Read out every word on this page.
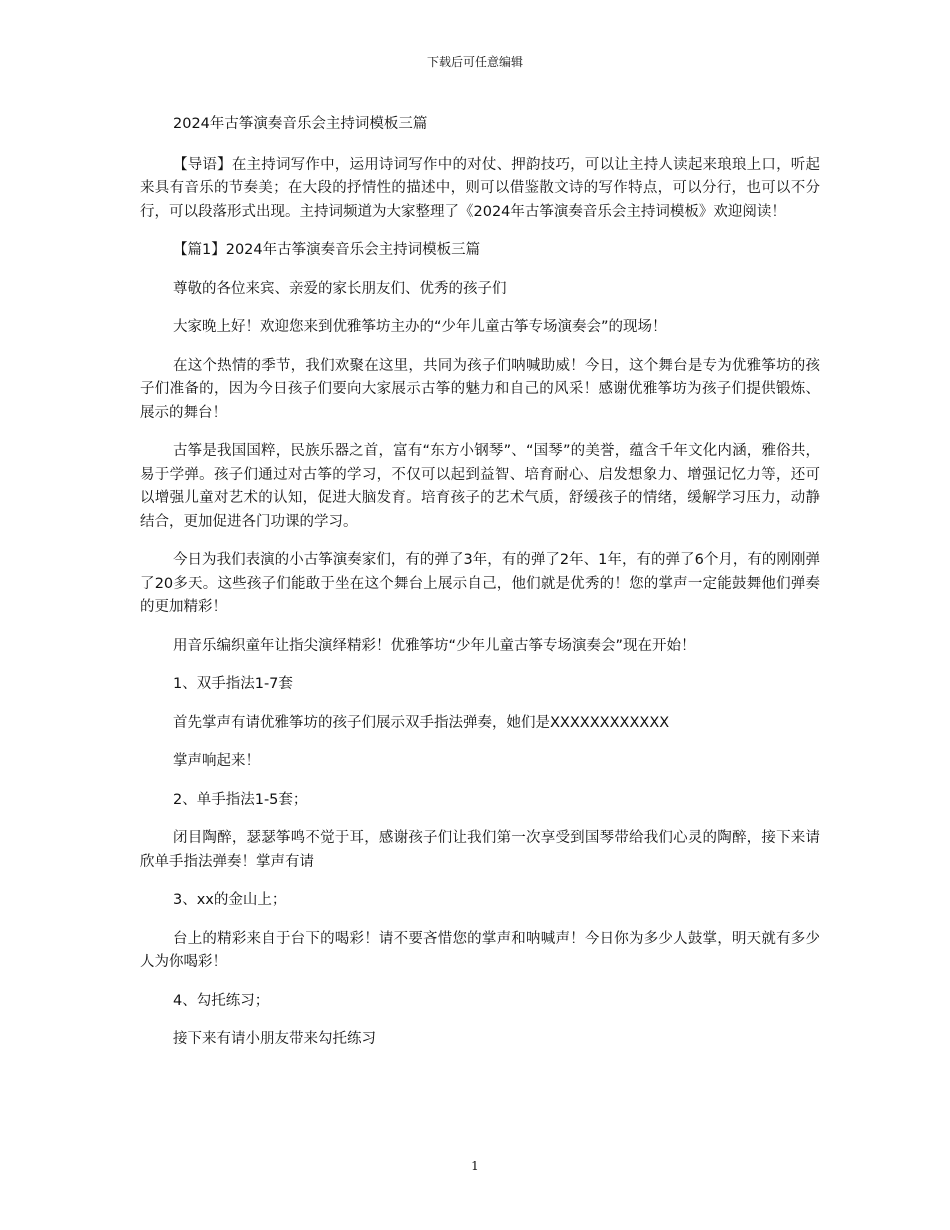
下载后可任意编辑

2024年古筝演奏音乐会主持词模板三篇

【导语】在主持词写作中，运用诗词写作中的对仗、押韵技巧，可以让主持人读起来琅琅上口，听起来具有音乐的节奏美；在大段的抒情性的描述中，则可以借鉴散文诗的写作特点，可以分行，也可以不分行，可以段落形式出现。主持词频道为大家整理了《2024年古筝演奏音乐会主持词模板》欢迎阅读！

【篇1】2024年古筝演奏音乐会主持词模板三篇

尊敬的各位来宾、亲爱的家长朋友们、优秀的孩子们

大家晚上好！欢迎您来到优雅筝坊主办的“少年儿童古筝专场演奏会”的现场！

在这个热情的季节，我们欢聚在这里，共同为孩子们呐喊助威！今日，这个舞台是专为优雅筝坊的孩子们准备的，因为今日孩子们要向大家展示古筝的魅力和自己的风采！感谢优雅筝坊为孩子们提供锻炼、展示的舞台！

古筝是我国国粹，民族乐器之首，富有“东方小钢琴”、“国琴”的美誉，蕴含千年文化内涵，雅俗共，易于学弹。孩子们通过对古筝的学习，不仅可以起到益智、培育耐心、启发想象力、增强记忆力等，还可以增强儿童对艺术的认知，促进大脑发育。培育孩子的艺术气质，舒缓孩子的情绪，缓解学习压力，动静结合，更加促进各门功课的学习。

今日为我们表演的小古筝演奏家们，有的弹了3年，有的弹了2年、1年，有的弹了6个月，有的刚刚弹了20多天。这些孩子们能敢于坐在这个舞台上展示自己，他们就是优秀的！您的掌声一定能鼓舞他们弹奏的更加精彩！

用音乐编织童年让指尖演绎精彩！优雅筝坊“少年儿童古筝专场演奏会”现在开始！

1、双手指法1-7套

首先掌声有请优雅筝坊的孩子们展示双手指法弹奏，她们是XXXXXXXXXXXX

掌声响起来！

2、单手指法1-5套；

闭目陶醉，瑟瑟筝鸣不觉于耳，感谢孩子们让我们第一次享受到国琴带给我们心灵的陶醉，接下来请欣单手指法弹奏！掌声有请

3、xx的金山上；

台上的精彩来自于台下的喝彩！请不要吝惜您的掌声和呐喊声！今日你为多少人鼓掌，明天就有多少人为你喝彩！

4、勾托练习；

接下来有请小朋友带来勾托练习

1
